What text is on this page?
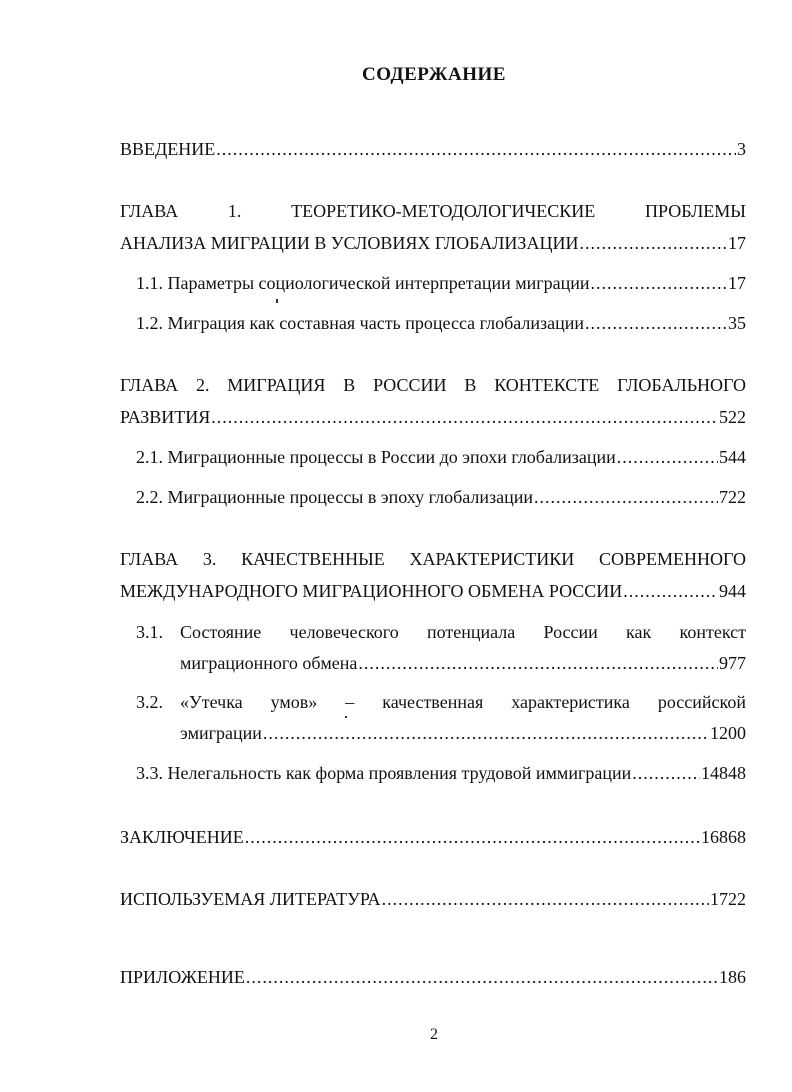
СОДЕРЖАНИЕ
ВВЕДЕНИЕ .....	3
ГЛАВА	1.	ТЕОРЕТИКО-МЕТОДОЛОГИЧЕСКИЕ	ПРОБЛЕМЫ
АНАЛИЗА МИГРАЦИИ В УСЛОВИЯХ ГЛОБАЛИЗАЦИИ .....	17
1.1. Параметры социологической интерпретации миграции .....	17
1.2. Миграция как составная часть процесса глобализации .....	35
ГЛАВА 2. МИГРАЦИЯ В РОССИИ В КОНТЕКСТЕ ГЛОБАЛЬНОГО
РАЗВИТИЯ .....	522
2.1. Миграционные процессы в России до эпохи глобализации .....	544
2.2. Миграционные процессы в эпоху глобализации .....	722
ГЛАВА 3. КАЧЕСТВЕННЫЕ ХАРАКТЕРИСТИКИ СОВРЕМЕННОГО
МЕЖДУНАРОДНОГО МИГРАЦИОННОГО ОБМЕНА РОССИИ .....	944
3.1. Состояние человеческого потенциала России как контекст
миграционного обмена .....	977
3.2. «Утечка умов» – качественная характеристика российской
эмиграции .....	1200
3.3. Нелегальность как форма проявления трудовой иммиграции .....	14848
ЗАКЛЮЧЕНИЕ .....	16868
ИСПОЛЬЗУЕМАЯ ЛИТЕРАТУРА .....	1722
ПРИЛОЖЕНИЕ .....	186
2
